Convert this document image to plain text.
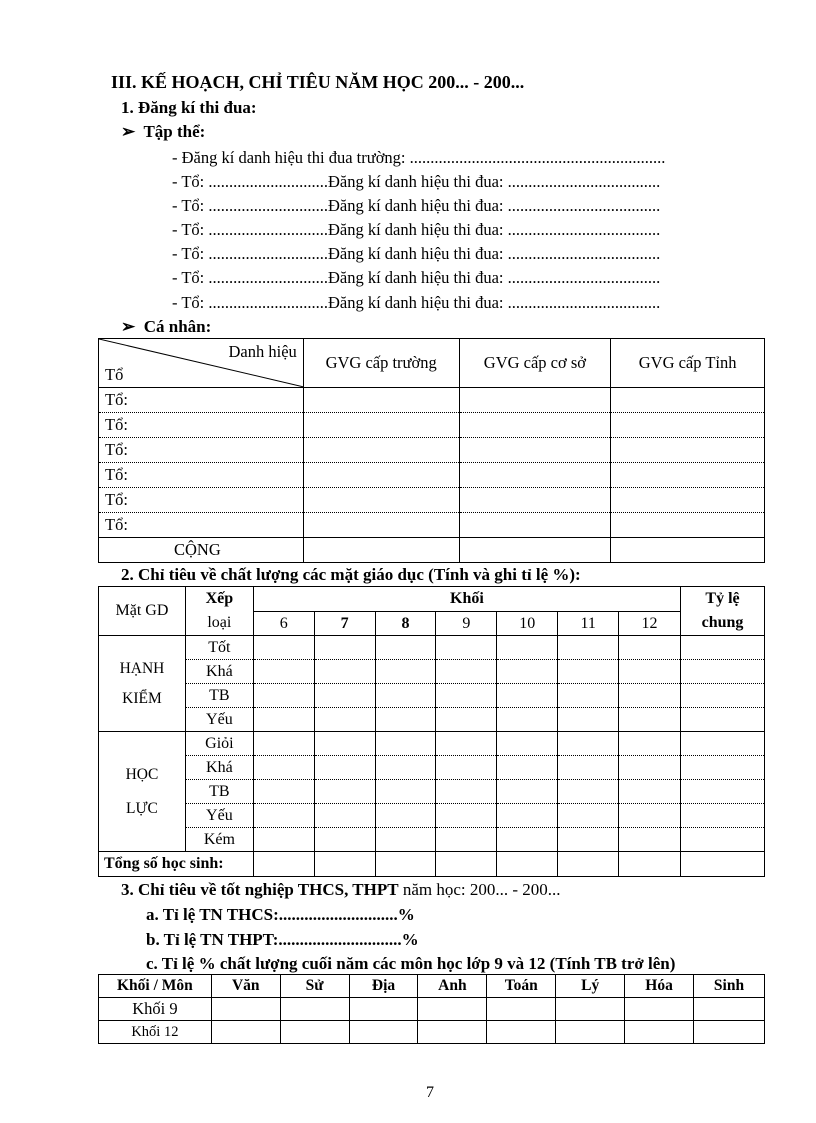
III. KẾ HOẠCH, CHỈ TIÊU NĂM HỌC 200... - 200...
1. Đăng kí thi đua:
➢ Tập thể:
- Đăng kí danh hiệu thi đua trường: ..............................................................
- Tổ: .............................Đăng kí danh hiệu thi đua: .....................................
- Tổ: .............................Đăng kí danh hiệu thi đua: .....................................
- Tổ: .............................Đăng kí danh hiệu thi đua: .....................................
- Tổ: .............................Đăng kí danh hiệu thi đua: .....................................
- Tổ: .............................Đăng kí danh hiệu thi đua: .....................................
- Tổ: .............................Đăng kí danh hiệu thi đua: .....................................
➢ Cá nhân:
Danh hiệu
Tổ	GVG cấp trường	GVG cấp cơ sở	GVG cấp Tỉnh
Tổ:			
Tổ:			
Tổ:			
Tổ:			
Tổ:			
Tổ:			
CỘNG			
2. Chỉ tiêu về chất lượng các mặt giáo dục (Tính và ghi tỉ lệ %):
Mặt GD	Xếp	Khối							Tỷ lệ
	loại	6	7	8	9	10	11	12	chung
HẠNH
KIỂM	Tốt								
	Khá								
	TB								
	Yếu								
HỌC
LỰC	Giỏi								
	Khá								
	TB								
	Yếu								
	Kém								
Tổng số học sinh:									
3. Chỉ tiêu về tốt nghiệp THCS, THPT năm học: 200... - 200...
a. Tỉ lệ TN THCS:............................%
b. Tỉ lệ TN THPT:.............................%
c. Tỉ lệ % chất lượng cuối năm các môn học lớp 9 và 12 (Tính TB trở lên)
Khối / Môn	Văn	Sử	Địa	Anh	Toán	Lý	Hóa	Sinh
Khối 9								
Khối 12								
7
